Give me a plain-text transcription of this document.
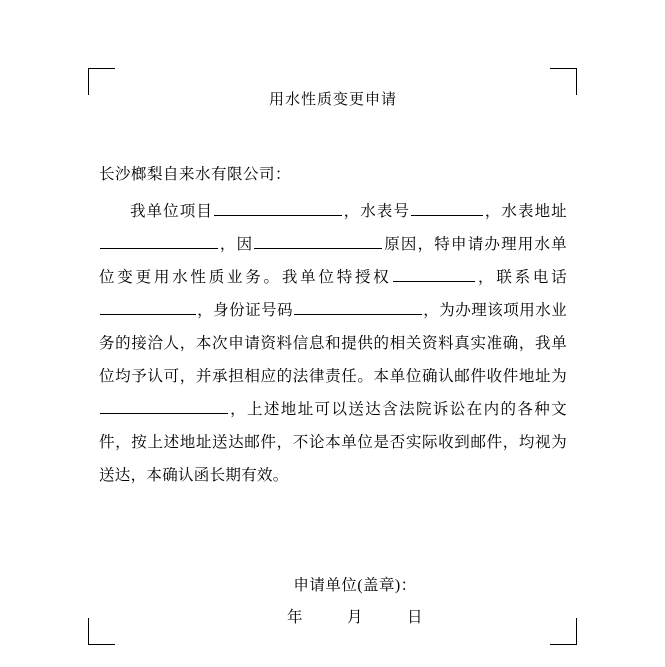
用水性质变更申请
长沙榔梨自来水有限公司：
我单位项目	，水表号	，水表地址，因	原因，特申请办理用水单位变更用水性质业务。我单位特授权	，联系电话，身份证号码	，为办理该项用水业务的接洽人，本次申请资料信息和提供的相关资料真实准确，我单位均予认可，并承担相应的法律责任。本单位确认邮件收件地址为，上述地址可以送达含法院诉讼在内的各种文件，按上述地址送达邮件，不论本单位是否实际收到邮件，均视为送达，本确认函长期有效。
申请单位(盖章)：
年	月	日
